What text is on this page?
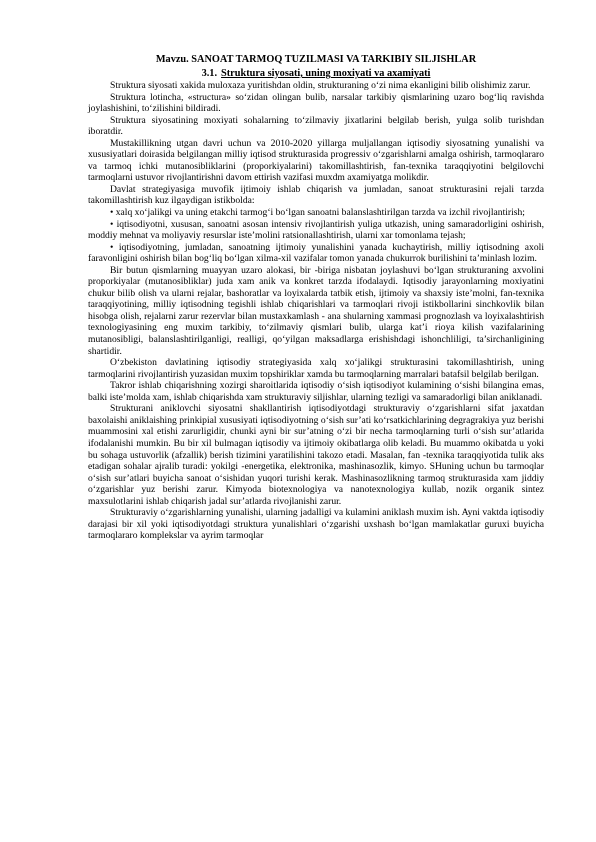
Mavzu. SANOAT TARMOQ TUZILMASI VA TARKIBIY SILJISHLAR
3.1. Struktura siyosati, uning moxiyati va axamiyati

Struktura siyosati xakida muloxaza yuritishdan oldin, strukturaning o‘zi nima ekanligini bilib olishimiz zarur.

Struktura lotincha, «structura» so‘zidan olingan bulib, narsalar tarkibiy qismlarining uzaro bog‘liq ravishda joylashishini, to‘zilishini bildiradi.

Struktura siyosatining moxiyati sohalarning to‘zilmaviy jixatlarini belgilab berish, yulga solib turishdan iboratdir.

Mustakillikning utgan davri uchun va 2010-2020 yillarga muljallangan iqtisodiy siyosatning yunalishi va xususiyatlari doirasida belgilangan milliy iqtisod strukturasida progressiv o‘zgarishlarni amalga oshirish, tarmoqlararo va tarmoq ichki mutanosibliklarini (proporkiyalarini) takomillashtirish, fan-texnika taraqqiyotini belgilovchi tarmoqlarni ustuvor rivojlantirishni davom ettirish vazifasi muxdm axamiyatga molikdir.

Davlat strategiyasiga muvofik ijtimoiy ishlab chiqarish va jumladan, sanoat strukturasini rejali tarzda takomillashtirish kuz ilgaydigan istikbolda:

• xalq xo‘jalikgi va uning etakchi tarmog‘i bo‘lgan sanoatni balanslashtirilgan tarzda va izchil rivojlantirish;

• iqtisodiyotni, xususan, sanoatni asosan intensiv rivojlantirish yuliga utkazish, uning samaradorligini oshirish, moddiy mehnat va moliyaviy resurslar iste’molini ratsionallashtirish, ularni xar tomonlama tejash;

• iqtisodiyotning, jumladan, sanoatning ijtimoiy yunalishini yanada kuchaytirish, milliy iqtisodning axoli faravonligini oshirish bilan bog‘liq bo‘lgan xilma-xil vazifalar tomon yanada chukurrok burilishini ta’minlash lozim.

Bir butun qismlarning muayyan uzaro alokasi, bir -biriga nisbatan joylashuvi bo‘lgan strukturaning axvolini proporkiyalar (mutanosibliklar) juda xam anik va konkret tarzda ifodalaydi. Iqtisodiy jarayonlarning moxiyatini chukur bilib olish va ularni rejalar, bashoratlar va loyixalarda tatbik etish, ijtimoiy va shaxsiy iste’molni, fan-texnika taraqqiyotining, milliy iqtisodning tegishli ishlab chiqarishlari va tarmoqlari rivoji istikbollarini sinchkovlik bilan hisobga olish, rejalarni zarur rezervlar bilan mustaxkamlash - ana shularning xammasi prognozlash va loyixalashtirish texnologiyasining eng muxim tarkibiy, to‘zilmaviy qismlari bulib, ularga kat’i rioya kilish vazifalarining mutanosibligi, balanslashtirilganligi, realligi, qo‘yilgan maksadlarga erishishdagi ishonchliligi, ta’sirchanligining shartidir.

O‘zbekiston davlatining iqtisodiy strategiyasida xalq xo‘jalikgi strukturasini takomillashtirish, uning tarmoqlarini rivojlantirish yuzasidan muxim topshiriklar xamda bu tarmoqlarning marralari batafsil belgilab berilgan.

Takror ishlab chiqarishning xozirgi sharoitlarida iqtisodiy o‘sish iqtisodiyot kulamining o‘sishi bilangina emas, balki iste’molda xam, ishlab chiqarishda xam strukturaviy siljishlar, ularning tezligi va samaradorligi bilan aniklanadi.

Strukturani aniklovchi siyosatni shakllantirish iqtisodiyotdagi strukturaviy o‘zgarishlarni sifat jaxatdan baxolaishi aniklaishing prinkipial xususiyati iqtisodiyotning o‘sish sur’ati ko‘rsatkichlarining degragrakiya yuz berishi muammosini xal etishi zarurligidir, chunki ayni bir sur’atning o‘zi bir necha tarmoqlarning turli o‘sish sur’atlarida ifodalanishi mumkin. Bu bir xil bulmagan iqtisodiy va ijtimoiy okibatlarga olib keladi. Bu muammo okibatda u yoki bu sohaga ustuvorlik (afzallik) berish tizimini yaratilishini takozo etadi. Masalan, fan -texnika taraqqiyotida tulik aks etadigan sohalar ajralib turadi: yokilgi -energetika, elektronika, mashinasozlik, kimyo. SHuning uchun bu tarmoqlar o‘sish sur’atlari buyicha sanoat o‘sishidan yuqori turishi kerak. Mashinasozlikning tarmoq strukturasida xam jiddiy o‘zgarishlar yuz berishi zarur. Kimyoda biotexnologiya va nanotexnologiya kullab, nozik organik sintez maxsulotlarini ishlab chiqarish jadal sur’atlarda rivojlanishi zarur.

Strukturaviy o‘zgarishlarning yunalishi, ularning jadalligi va kulamini aniklash muxim ish. Ayni vaktda iqtisodiy darajasi bir xil yoki iqtisodiyotdagi struktura yunalishlari o‘zgarishi uxshash bo‘lgan mamlakatlar guruxi buyicha tarmoqlararo komplekslar va ayrim tarmoqlar
